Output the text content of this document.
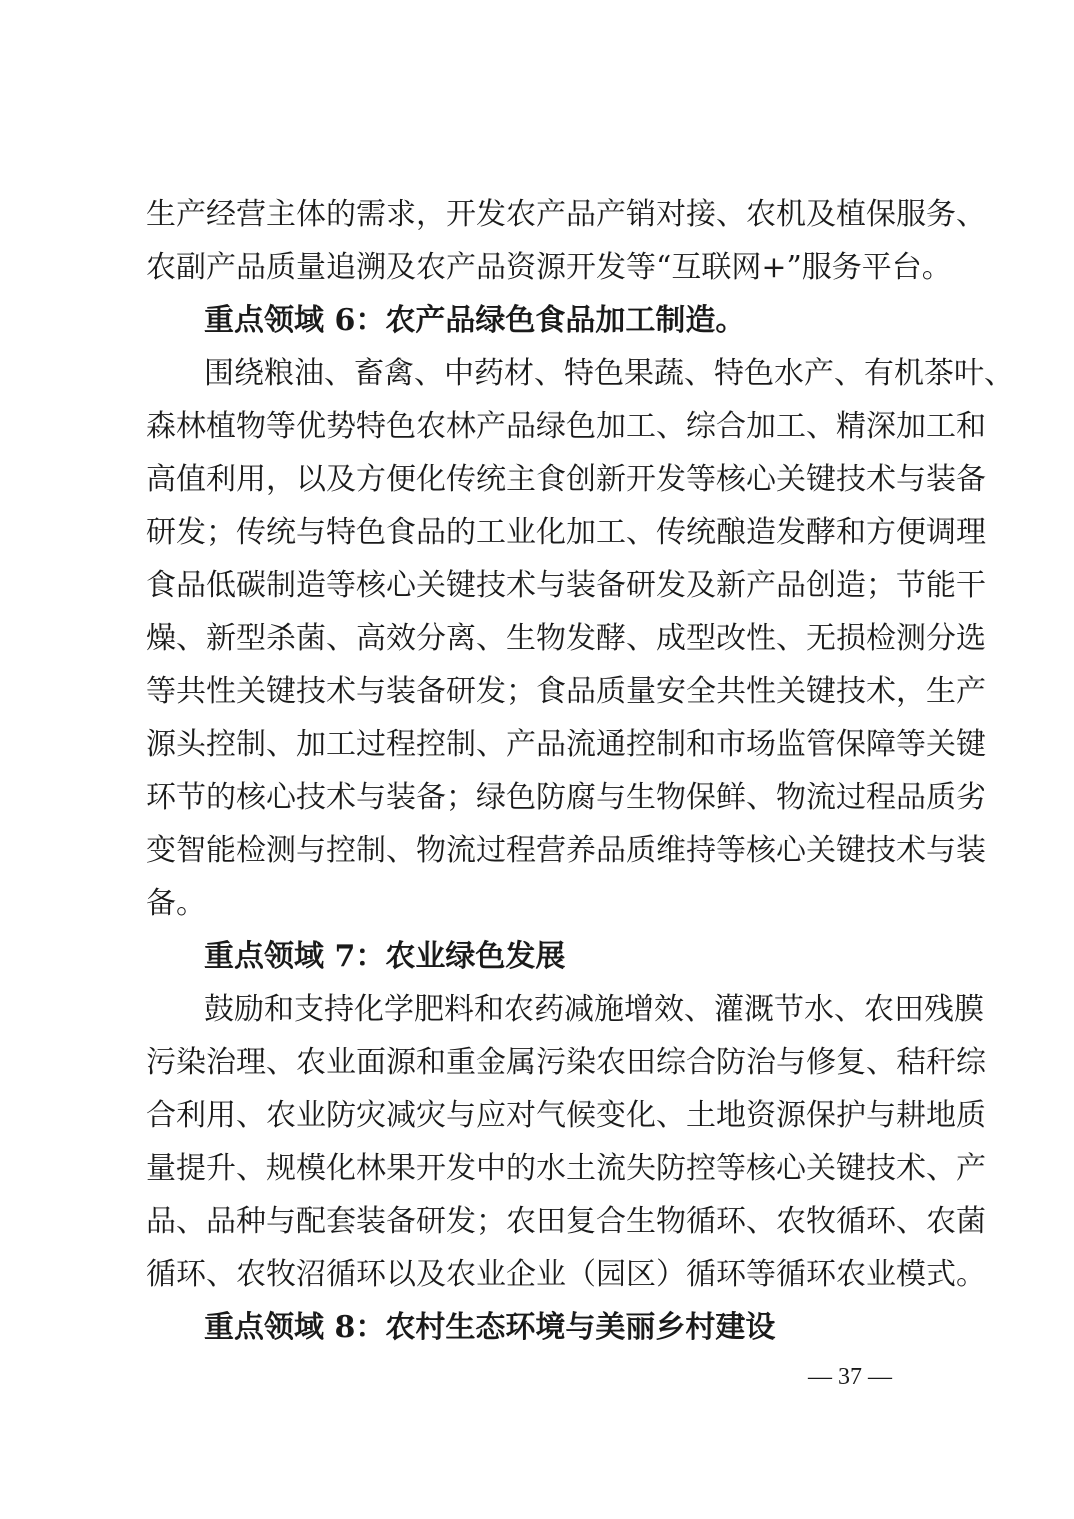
生产经营主体的需求，开发农产品产销对接、农机及植保服务、
农副产品质量追溯及农产品资源开发等“互联网+”服务平台。
重点领域 6：农产品绿色食品加工制造。
围绕粮油、畜禽、中药材、特色果蔬、特色水产、有机茶叶、
森林植物等优势特色农林产品绿色加工、综合加工、精深加工和
高值利用，以及方便化传统主食创新开发等核心关键技术与装备
研发；传统与特色食品的工业化加工、传统酿造发酵和方便调理
食品低碳制造等核心关键技术与装备研发及新产品创造；节能干
燥、新型杀菌、高效分离、生物发酵、成型改性、无损检测分选
等共性关键技术与装备研发；食品质量安全共性关键技术，生产
源头控制、加工过程控制、产品流通控制和市场监管保障等关键
环节的核心技术与装备；绿色防腐与生物保鲜、物流过程品质劣
变智能检测与控制、物流过程营养品质维持等核心关键技术与装
备。
重点领域 7：农业绿色发展
鼓励和支持化学肥料和农药减施增效、灌溉节水、农田残膜
污染治理、农业面源和重金属污染农田综合防治与修复、秸秆综
合利用、农业防灾减灾与应对气候变化、土地资源保护与耕地质
量提升、规模化林果开发中的水土流失防控等核心关键技术、产
品、品种与配套装备研发；农田复合生物循环、农牧循环、农菌
循环、农牧沼循环以及农业企业（园区）循环等循环农业模式。
重点领域 8：农村生态环境与美丽乡村建设
— 37 —
